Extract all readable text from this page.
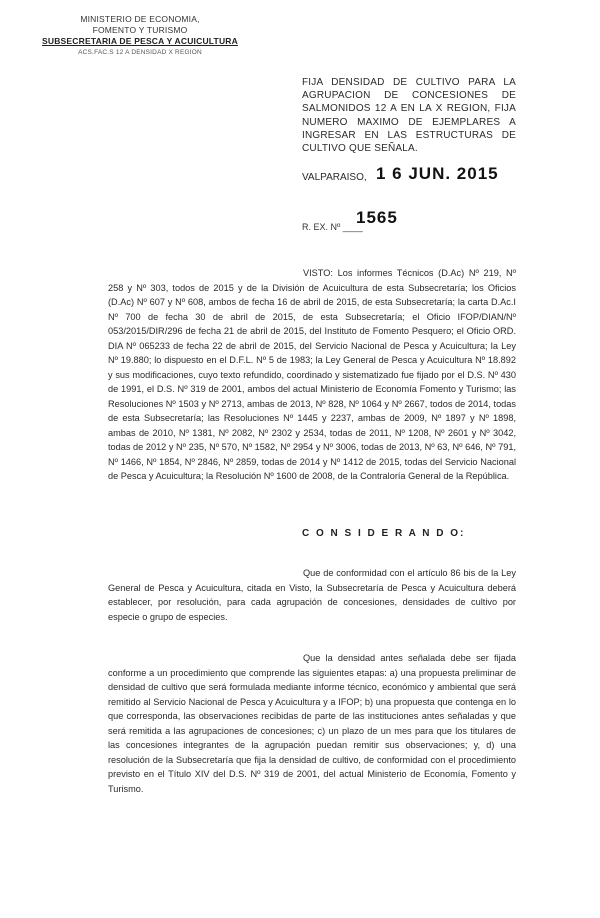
MINISTERIO DE ECONOMIA,
FOMENTO Y TURISMO
SUBSECRETARIA DE PESCA Y ACUICULTURA
ACS.FAC.S 12 A DENSIDAD X REGION
FIJA DENSIDAD DE CULTIVO PARA LA AGRUPACION DE CONCESIONES DE SALMONIDOS 12 A EN LA X REGION, FIJA NUMERO MAXIMO DE EJEMPLARES A INGRESAR EN LAS ESTRUCTURAS DE CULTIVO QUE SEÑALA.
VALPARAISO, 1 6 JUN. 2015
1565
R. EX. Nº ____

VISTO: Los informes Técnicos (D.Ac) Nº 219, Nº 258 y Nº 303, todos de 2015 y de la División de Acuicultura de esta Subsecretaría; los Oficios (D.Ac) Nº 607 y Nº 608, ambos de fecha 16 de abril de 2015, de esta Subsecretaría; la carta D.Ac.I Nº 700 de fecha 30 de abril de 2015, de esta Subsecretaría; el Oficio IFOP/DIAN/Nº 053/2015/DIR/296 de fecha 21 de abril de 2015, del Instituto de Fomento Pesquero; el Oficio ORD. DIA Nº 065233 de fecha 22 de abril de 2015, del Servicio Nacional de Pesca y Acuicultura; la Ley Nº 19.880; lo dispuesto en el D.F.L. Nº 5 de 1983; la Ley General de Pesca y Acuicultura Nº 18.892 y sus modificaciones, cuyo texto refundido, coordinado y sistematizado fue fijado por el D.S. Nº 430 de 1991, el D.S. Nº 319 de 2001, ambos del actual Ministerio de Economía Fomento y Turismo; las Resoluciones Nº 1503 y Nº 2713, ambas de 2013, Nº 828, Nº 1064 y Nº 2667, todos de 2014, todas de esta Subsecretaría; las Resoluciones Nº 1445 y 2237, ambas de 2009, Nº 1897 y Nº 1898, ambas de 2010, Nº 1381, Nº 2082, Nº 2302 y 2534, todas de 2011, Nº 1208, Nº 2601 y Nº 3042, todas de 2012 y Nº 235, Nº 570, Nº 1582, Nº 2954 y Nº 3006, todas de 2013, Nº 63, Nº 646, Nº 791, Nº 1466, Nº 1854, Nº 2846, Nº 2859, todas de 2014 y Nº 1412 de 2015, todas del Servicio Nacional de Pesca y Acuicultura; la Resolución Nº 1600 de 2008, de la Contraloría General de la República.

C O N S I D E R A N D O:

Que de conformidad con el artículo 86 bis de la Ley General de Pesca y Acuicultura, citada en Visto, la Subsecretaría de Pesca y Acuicultura deberá establecer, por resolución, para cada agrupación de concesiones, densidades de cultivo por especie o grupo de especies.

Que la densidad antes señalada debe ser fijada conforme a un procedimiento que comprende las siguientes etapas: a) una propuesta preliminar de densidad de cultivo que será formulada mediante informe técnico, económico y ambiental que será remitido al Servicio Nacional de Pesca y Acuicultura y a IFOP; b) una propuesta que contenga en lo que corresponda, las observaciones recibidas de parte de las instituciones antes señaladas y que será remitida a las agrupaciones de concesiones; c) un plazo de un mes para que los titulares de las concesiones integrantes de la agrupación puedan remitir sus observaciones; y, d) una resolución de la Subsecretaría que fija la densidad de cultivo, de conformidad con el procedimiento previsto en el Título XIV del D.S. Nº 319 de 2001, del actual Ministerio de Economía, Fomento y Turismo.
